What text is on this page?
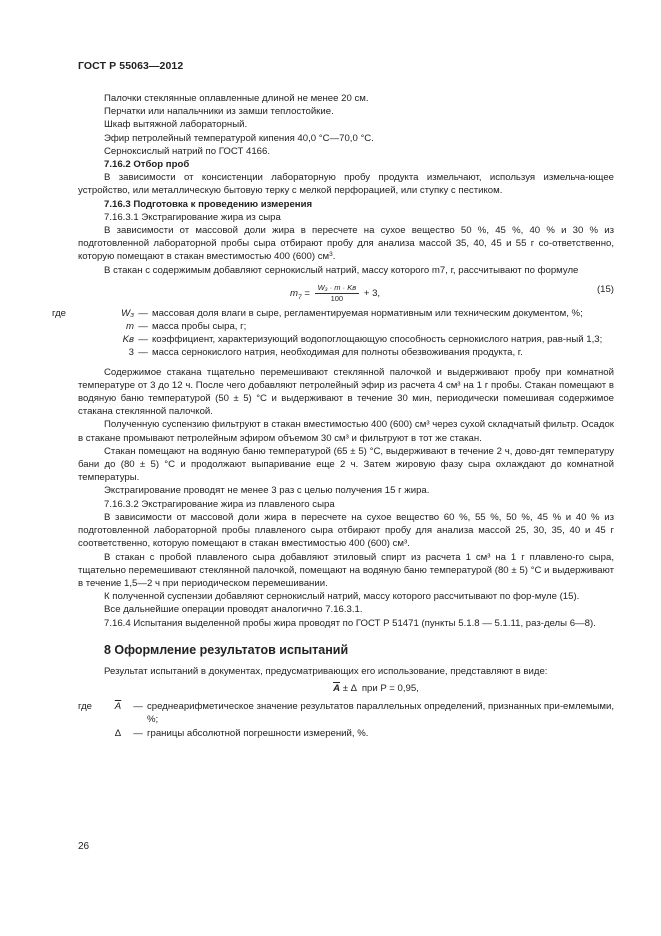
ГОСТ Р 55063—2012

Палочки стеклянные оплавленные длиной не менее 20 см.

Перчатки или напальчники из замши теплостойкие.

Шкаф вытяжной лабораторный.

Эфир петролейный температурой кипения 40,0 °С—70,0 °С.

Серноксислый натрий по ГОСТ 4166.

7.16.2 Отбор проб

В зависимости от консистенции лабораторную пробу продукта измельчают, используя измельча-ющее устройство, или металлическую бытовую терку с мелкой перфорацией, или ступку с пестиком.

7.16.3 Подготовка к проведению измерения

7.16.3.1 Экстрагирование жира из сыра

В зависимости от массовой доли жира в пересчете на сухое вещество 50 %, 45 %, 40 % и 30 % из подготовленной лабораторной пробы сыра отбирают пробу для анализа массой 35, 40, 45 и 55 г со-ответственно, которую помещают в стакан вместимостью 400 (600) $см^3$.

В стакан с содержимым добавляют сернокислый натрий, массу которого m7, г, рассчитывают по формуле

$m_7 = \frac{\text{W₃ · m · Kв}}{100} + 3$,	(15)
где	W₃ — массовая доля влаги в сыре, регламентируемая нормативным или техническим документом, %;
m — масса пробы сыра, г;
Kв — коэффициент, характеризующий водопоглощающую способность сернокислого натрия, рав-ный 1,3;
3 — масса сернокислого натрия, необходимая для полноты обезвоживания продукта, г.

Содержимое стакана тщательно перемешивают стеклянной палочкой и выдерживают пробу при комнатной температуре от 3 до 12 ч. После чего добавляют петролейный эфир из расчета 4 см³ на 1 г пробы. Стакан помещают в водяную баню температурой (50 ± 5) °С и выдерживают в течение 30 мин, периодически помешивая содержимое стакана стеклянной палочкой.

Полученную суспензию фильтруют в стакан вместимостью 400 (600) см³ через сухой складчатый фильтр. Осадок в стакане промывают петролейным эфиром объемом 30 см³ и фильтруют в тот же стакан.

Стакан помещают на водяную баню температурой (65 ± 5) °С, выдерживают в течение 2 ч, дово-дят температуру бани до (80 ± 5) °С и продолжают выпаривание еще 2 ч. Затем жировую фазу сыра охлаждают до комнатной температуры.

Экстрагирование проводят не менее 3 раз с целью получения 15 г жира.

7.16.3.2 Экстрагирование жира из плавленого сыра

В зависимости от массовой доли жира в пересчете на сухое вещество 60 %, 55 %, 50 %, 45 % и 40 % из подготовленной лабораторной пробы плавленого сыра отбирают пробу для анализа массой 25, 30, 35, 40 и 45 г соответственно, которую помещают в стакан вместимостью 400 (600) см³.

В стакан с пробой плавленого сыра добавляют этиловый спирт из расчета 1 см³ на 1 г плавлено-го сыра, тщательно перемешивают стеклянной палочкой, помещают на водяную баню температурой (80 ± 5) °С и выдерживают в течение 1,5—2 ч при периодическом перемешивании.

К полученной суспензии добавляют сернокислый натрий, массу которого рассчитывают по фор-муле (15).

Все дальнейшие операции проводят аналогично 7.16.3.1.

7.16.4 Испытания выделенной пробы жира проводят по ГОСТ Р 51471 (пункты 5.1.8 — 5.1.11, раз-делы 6—8).

8 Оформление результатов испытаний

Результат испытаний в документах, предусматривающих его использование, представляют в виде:

$\overline{A} \pm \Delta$ при P = 0,95,
где	$\overline{A}$	— среднеарифметическое значение результатов параллельных определений, признанных при-емлемыми, %;
Δ	— границы абсолютной погрешности измерений, %.
26
